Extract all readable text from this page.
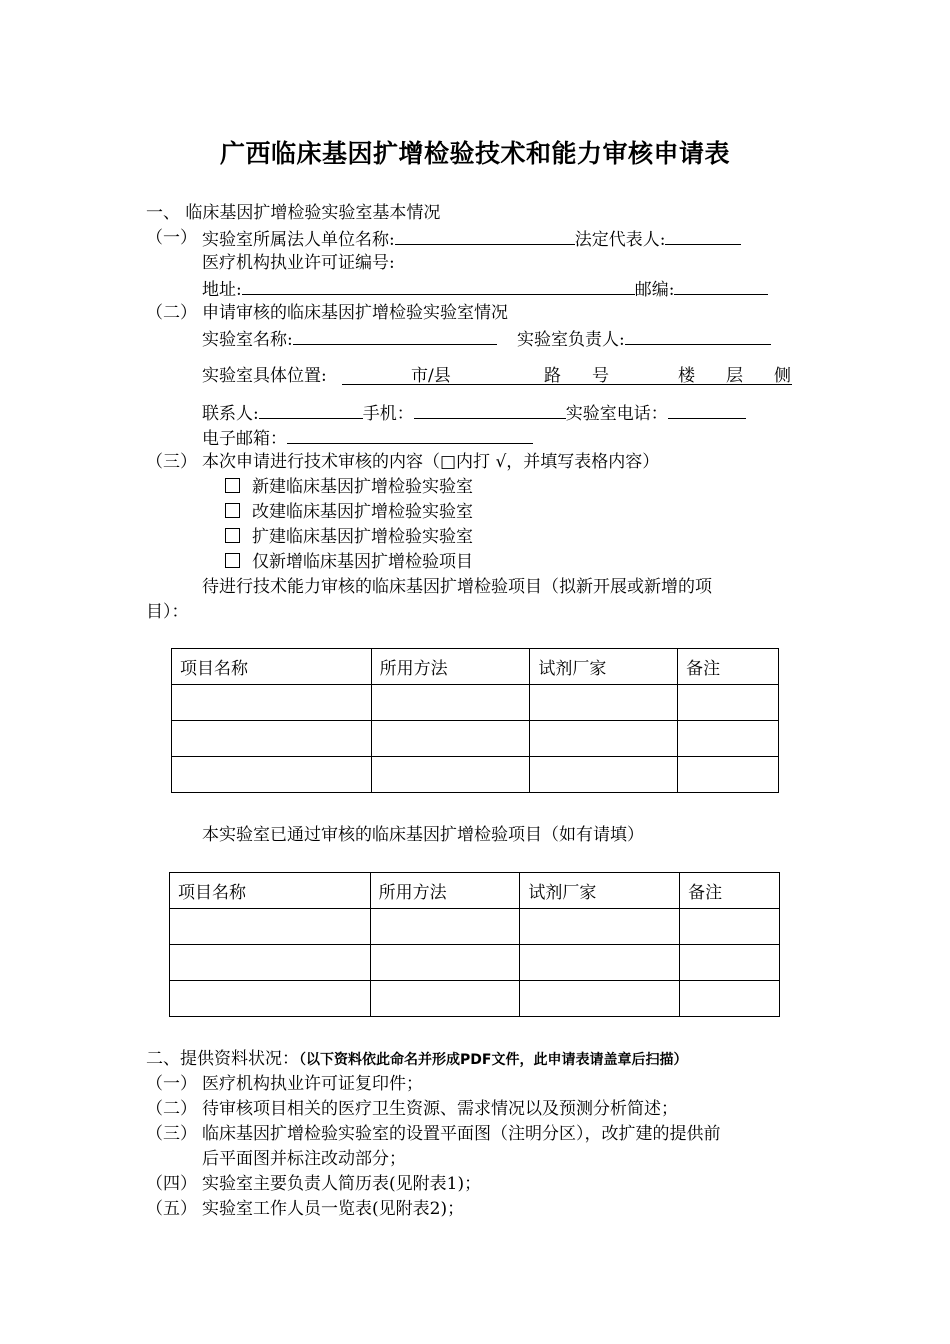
广西临床基因扩增检验技术和能力审核申请表
一、 临床基因扩增检验实验室基本情况
（一） 实验室所属法人单位名称:	法定代表人:
医疗机构执业许可证编号:
地址:	邮编:
（二） 申请审核的临床基因扩增检验实验室情况
实验室名称:	实验室负责人:
实验室具体位置:	市/县	路 号	楼 层 侧
联系人:	手机：	实验室电话：
电子邮箱：
（三） 本次申请进行技术审核的内容（□内打 √，并填写表格内容）
新建临床基因扩增检验实验室
改建临床基因扩增检验实验室
扩建临床基因扩增检验实验室
仅新增临床基因扩增检验项目
待进行技术能力审核的临床基因扩增检验项目（拟新开展或新增的项
目）：
项目名称	所用方法	试剂厂家	备注

本实验室已通过审核的临床基因扩增检验项目（如有请填）
项目名称	所用方法	试剂厂家	备注

二、提供资料状况：（以下资料依此命名并形成PDF文件，此申请表请盖章后扫描）
（一） 医疗机构执业许可证复印件；
（二） 待审核项目相关的医疗卫生资源、需求情况以及预测分析简述；
（三） 临床基因扩增检验实验室的设置平面图（注明分区），改扩建的提供前
后平面图并标注改动部分；
（四） 实验室主要负责人简历表(见附表1)；
（五） 实验室工作人员一览表(见附表2)；
